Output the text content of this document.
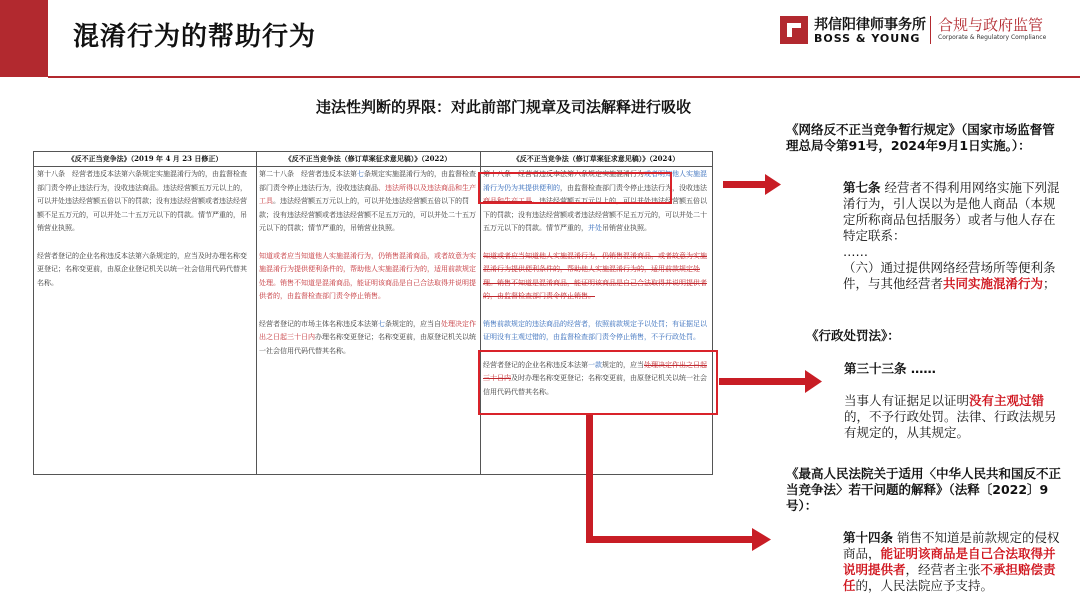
混淆行为的帮助行为	邦信阳律师事务所
BOSS & YOUNG
合规与政府监管
Corporate & Regulatory Compliance
违法性判断的界限：对此前部门规章及司法解释进行吸收
《反不正当竞争法》（2019 年 4 月 23 日修正）

第十八条　经营者违反本法第六条规定实施混淆行为的，由监督检查部门责令停止违法行为，没收违法商品。违法经营额五万元以上的，可以并处违法经营额五倍以下的罚款；没有违法经营额或者违法经营额不足五万元的，可以并处二十五万元以下的罚款。情节严重的，吊销营业执照。

经营者登记的企业名称违反本法第六条规定的，应当及时办理名称变更登记；名称变更前，由原企业登记机关以统一社会信用代码代替其名称。

《反不正当竞争法（修订草案征求意见稿）》（2022）

第二十八条　经营者违反本法第七条规定实施混淆行为的，由监督检查部门责令停止违法行为，没收违法商品、违法所得以及违法商品和生产工具。违法经营额五万元以上的，可以并处违法经营额五倍以下的罚款；没有违法经营额或者违法经营额不足五万元的，可以并处二十五万元以下的罚款；情节严重的，吊销营业执照。

知道或者应当知道他人实施混淆行为，仍销售混淆商品，或者故意为实施混淆行为提供便利条件的，帮助他人实施混淆行为的，适用前款规定处理。销售不知道是混淆商品，能证明该商品是自己合法取得并说明提供者的，由监督检查部门责令停止销售。

经营者登记的市场主体名称违反本法第七条规定的，应当自处理决定作出之日起三十日内办理名称变更登记；名称变更前，由原登记机关以统一社会信用代码代替其名称。

《反不正当竞争法（修订草案征求意见稿）》（2024）

第十八条　经营者违反本法第六条规定实施混淆行为或者明知他人实施混淆行为仍为其提供便利的，由监督检查部门责令停止违法行为，没收违法商品和生产工具。违法经营额五万元以上的，可以并处违法经营额五倍以下的罚款；没有违法经营额或者违法经营额不足五万元的，可以并处二十五万元以下的罚款。情节严重的，并处吊销营业执照。

知道或者应当知道他人实施混淆行为，仍销售混淆商品，或者故意为实施混淆行为提供便利条件的，帮助他人实施混淆行为的，适用前款规定处理。销售不知道是混淆商品，能证明该商品是自己合法取得并说明提供者的，由监督检查部门责令停止销售。

销售前款规定的违法商品的经营者，依照前款规定予以处罚；有证据足以证明没有主观过错的，由监督检查部门责令停止销售，不予行政处罚。

经营者登记的企业名称违反本法第一款规定的，应当处理决定作出之日起三十日内及时办理名称变更登记；名称变更前，由原登记机关以统一社会信用代码代替其名称。

《网络反不正当竞争暂行规定》（国家市场监督管理总局令第91号，2024年9月1日实施。）：
第七条 经营者不得利用网络实施下列混淆行为，引人误以为是他人商品（本规定所称商品包括服务）或者与他人存在特定联系：
……
（六）通过提供网络经营场所等便利条件，与其他经营者共同实施混淆行为；
《行政处罚法》：
第三十三条 ……
当事人有证据足以证明没有主观过错的，不予行政处罚。法律、行政法规另有规定的，从其规定。
《最高人民法院关于适用〈中华人民共和国反不正当竞争法〉若干问题的解释》（法释〔2022〕9号）：
第十四条 销售不知道是前款规定的侵权商品，能证明该商品是自己合法取得并说明提供者，经营者主张不承担赔偿责任的，人民法院应予支持。
